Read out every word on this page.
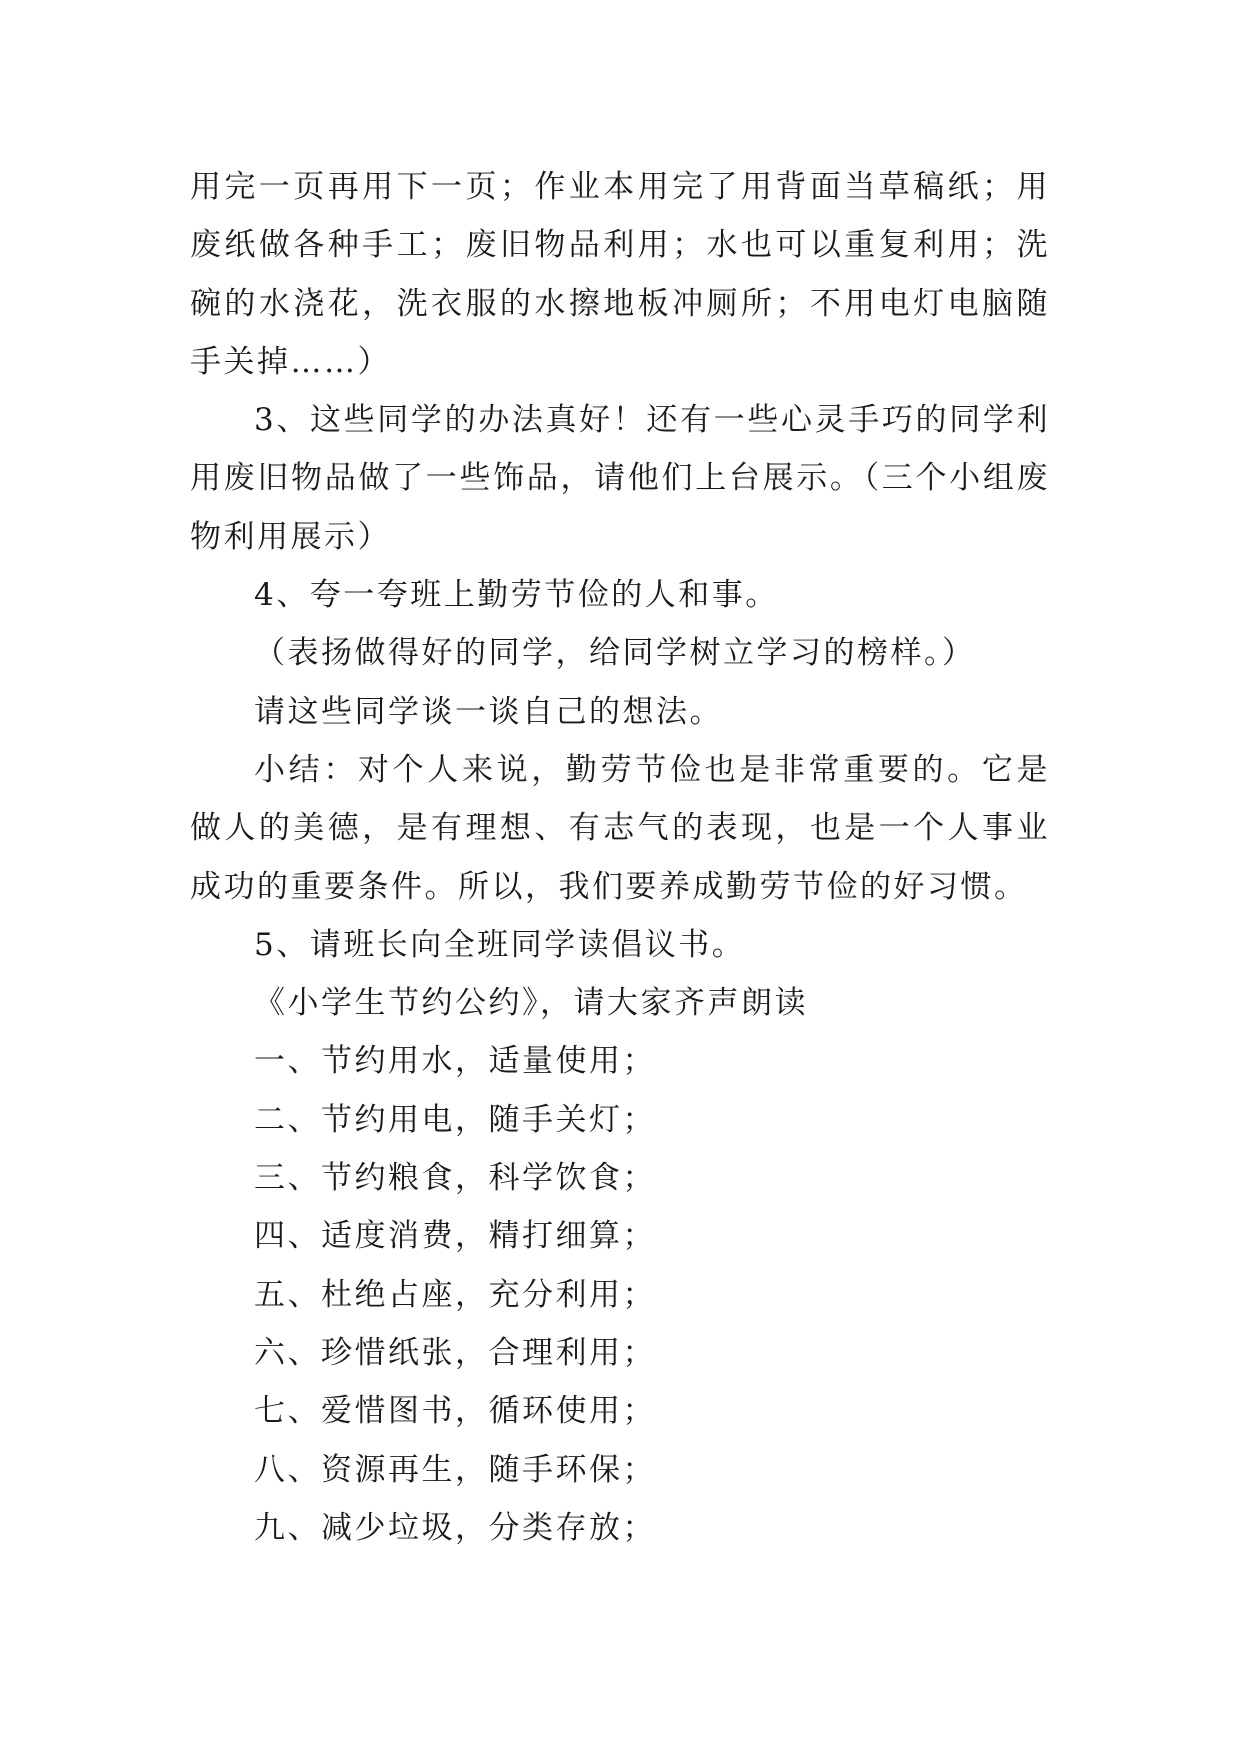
用完一页再用下一页；作业本用完了用背面当草稿纸；用废纸做各种手工；废旧物品利用；水也可以重复利用；洗碗的水浇花，洗衣服的水擦地板冲厕所；不用电灯电脑随手关掉……）

3、这些同学的办法真好！还有一些心灵手巧的同学利用废旧物品做了一些饰品，请他们上台展示。（三个小组废物利用展示）

4、夸一夸班上勤劳节俭的人和事。

（表扬做得好的同学，给同学树立学习的榜样。）

请这些同学谈一谈自己的想法。

小结：对个人来说，勤劳节俭也是非常重要的。它是做人的美德，是有理想、有志气的表现，也是一个人事业成功的重要条件。所以，我们要养成勤劳节俭的好习惯。

5、请班长向全班同学读倡议书。

《小学生节约公约》，请大家齐声朗读

一、节约用水，适量使用；

二、节约用电，随手关灯；

三、节约粮食，科学饮食；

四、适度消费，精打细算；

五、杜绝占座，充分利用；

六、珍惜纸张，合理利用；

七、爱惜图书，循环使用；

八、资源再生，随手环保；

九、减少垃圾，分类存放；
